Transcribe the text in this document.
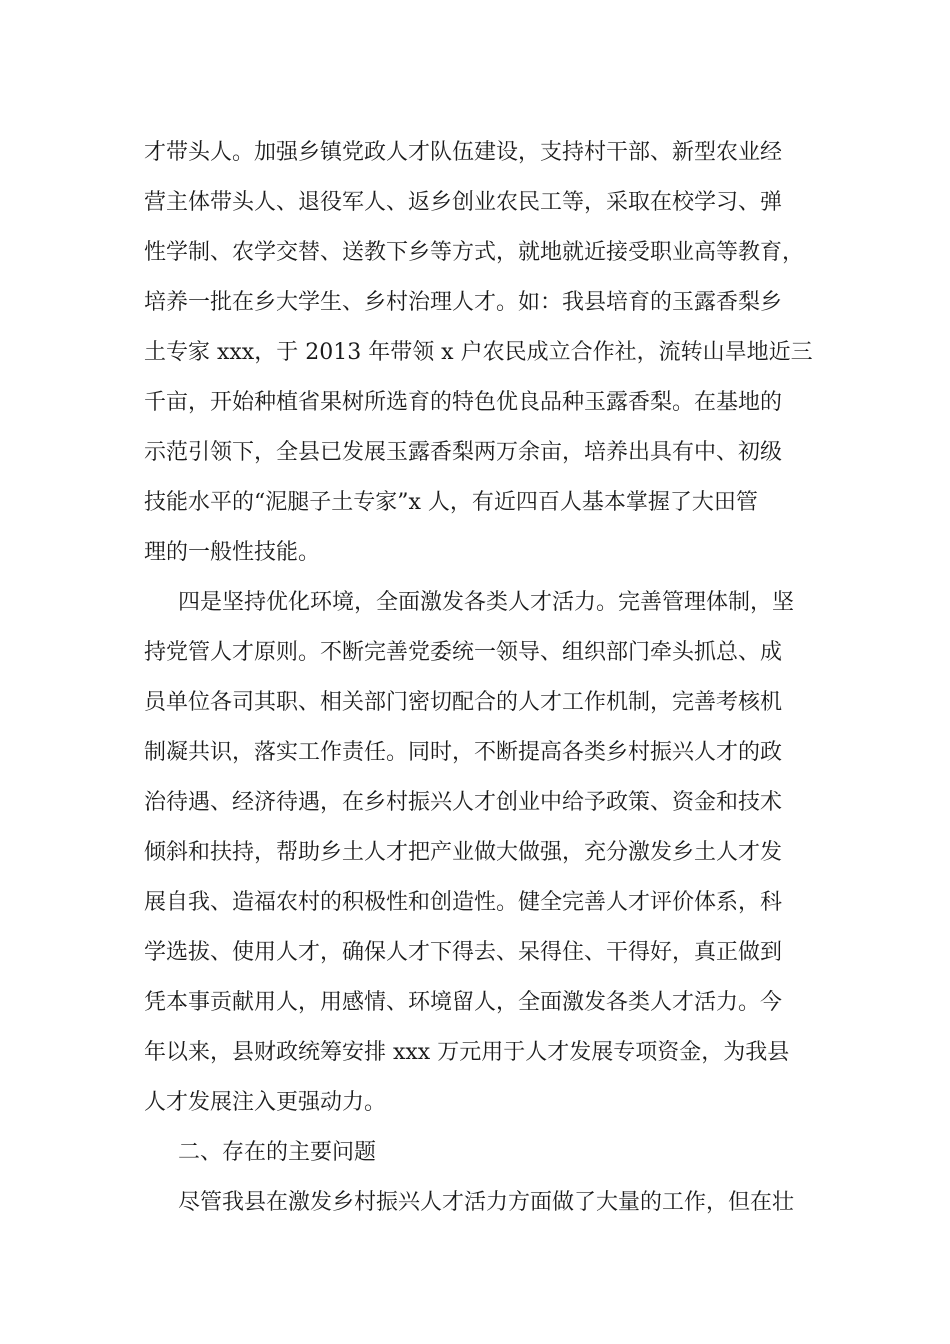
才带头人。加强乡镇党政人才队伍建设，支持村干部、新型农业经
营主体带头人、退役军人、返乡创业农民工等，采取在校学习、弹
性学制、农学交替、送教下乡等方式，就地就近接受职业高等教育，
培养一批在乡大学生、乡村治理人才。如：我县培育的玉露香梨乡
土专家 xxx，于 2013 年带领 x 户农民成立合作社，流转山旱地近三
千亩，开始种植省果树所选育的特色优良品种玉露香梨。在基地的
示范引领下，全县已发展玉露香梨两万余亩，培养出具有中、初级
技能水平的“泥腿子土专家”x 人，有近四百人基本掌握了大田管
理的一般性技能。
四是坚持优化环境，全面激发各类人才活力。完善管理体制，坚
持党管人才原则。不断完善党委统一领导、组织部门牵头抓总、成
员单位各司其职、相关部门密切配合的人才工作机制，完善考核机
制凝共识，落实工作责任。同时，不断提高各类乡村振兴人才的政
治待遇、经济待遇，在乡村振兴人才创业中给予政策、资金和技术
倾斜和扶持，帮助乡土人才把产业做大做强，充分激发乡土人才发
展自我、造福农村的积极性和创造性。健全完善人才评价体系，科
学选拔、使用人才，确保人才下得去、呆得住、干得好，真正做到
凭本事贡献用人，用感情、环境留人，全面激发各类人才活力。今
年以来，县财政统筹安排 xxx 万元用于人才发展专项资金，为我县
人才发展注入更强动力。
二、存在的主要问题
尽管我县在激发乡村振兴人才活力方面做了大量的工作，但在壮
